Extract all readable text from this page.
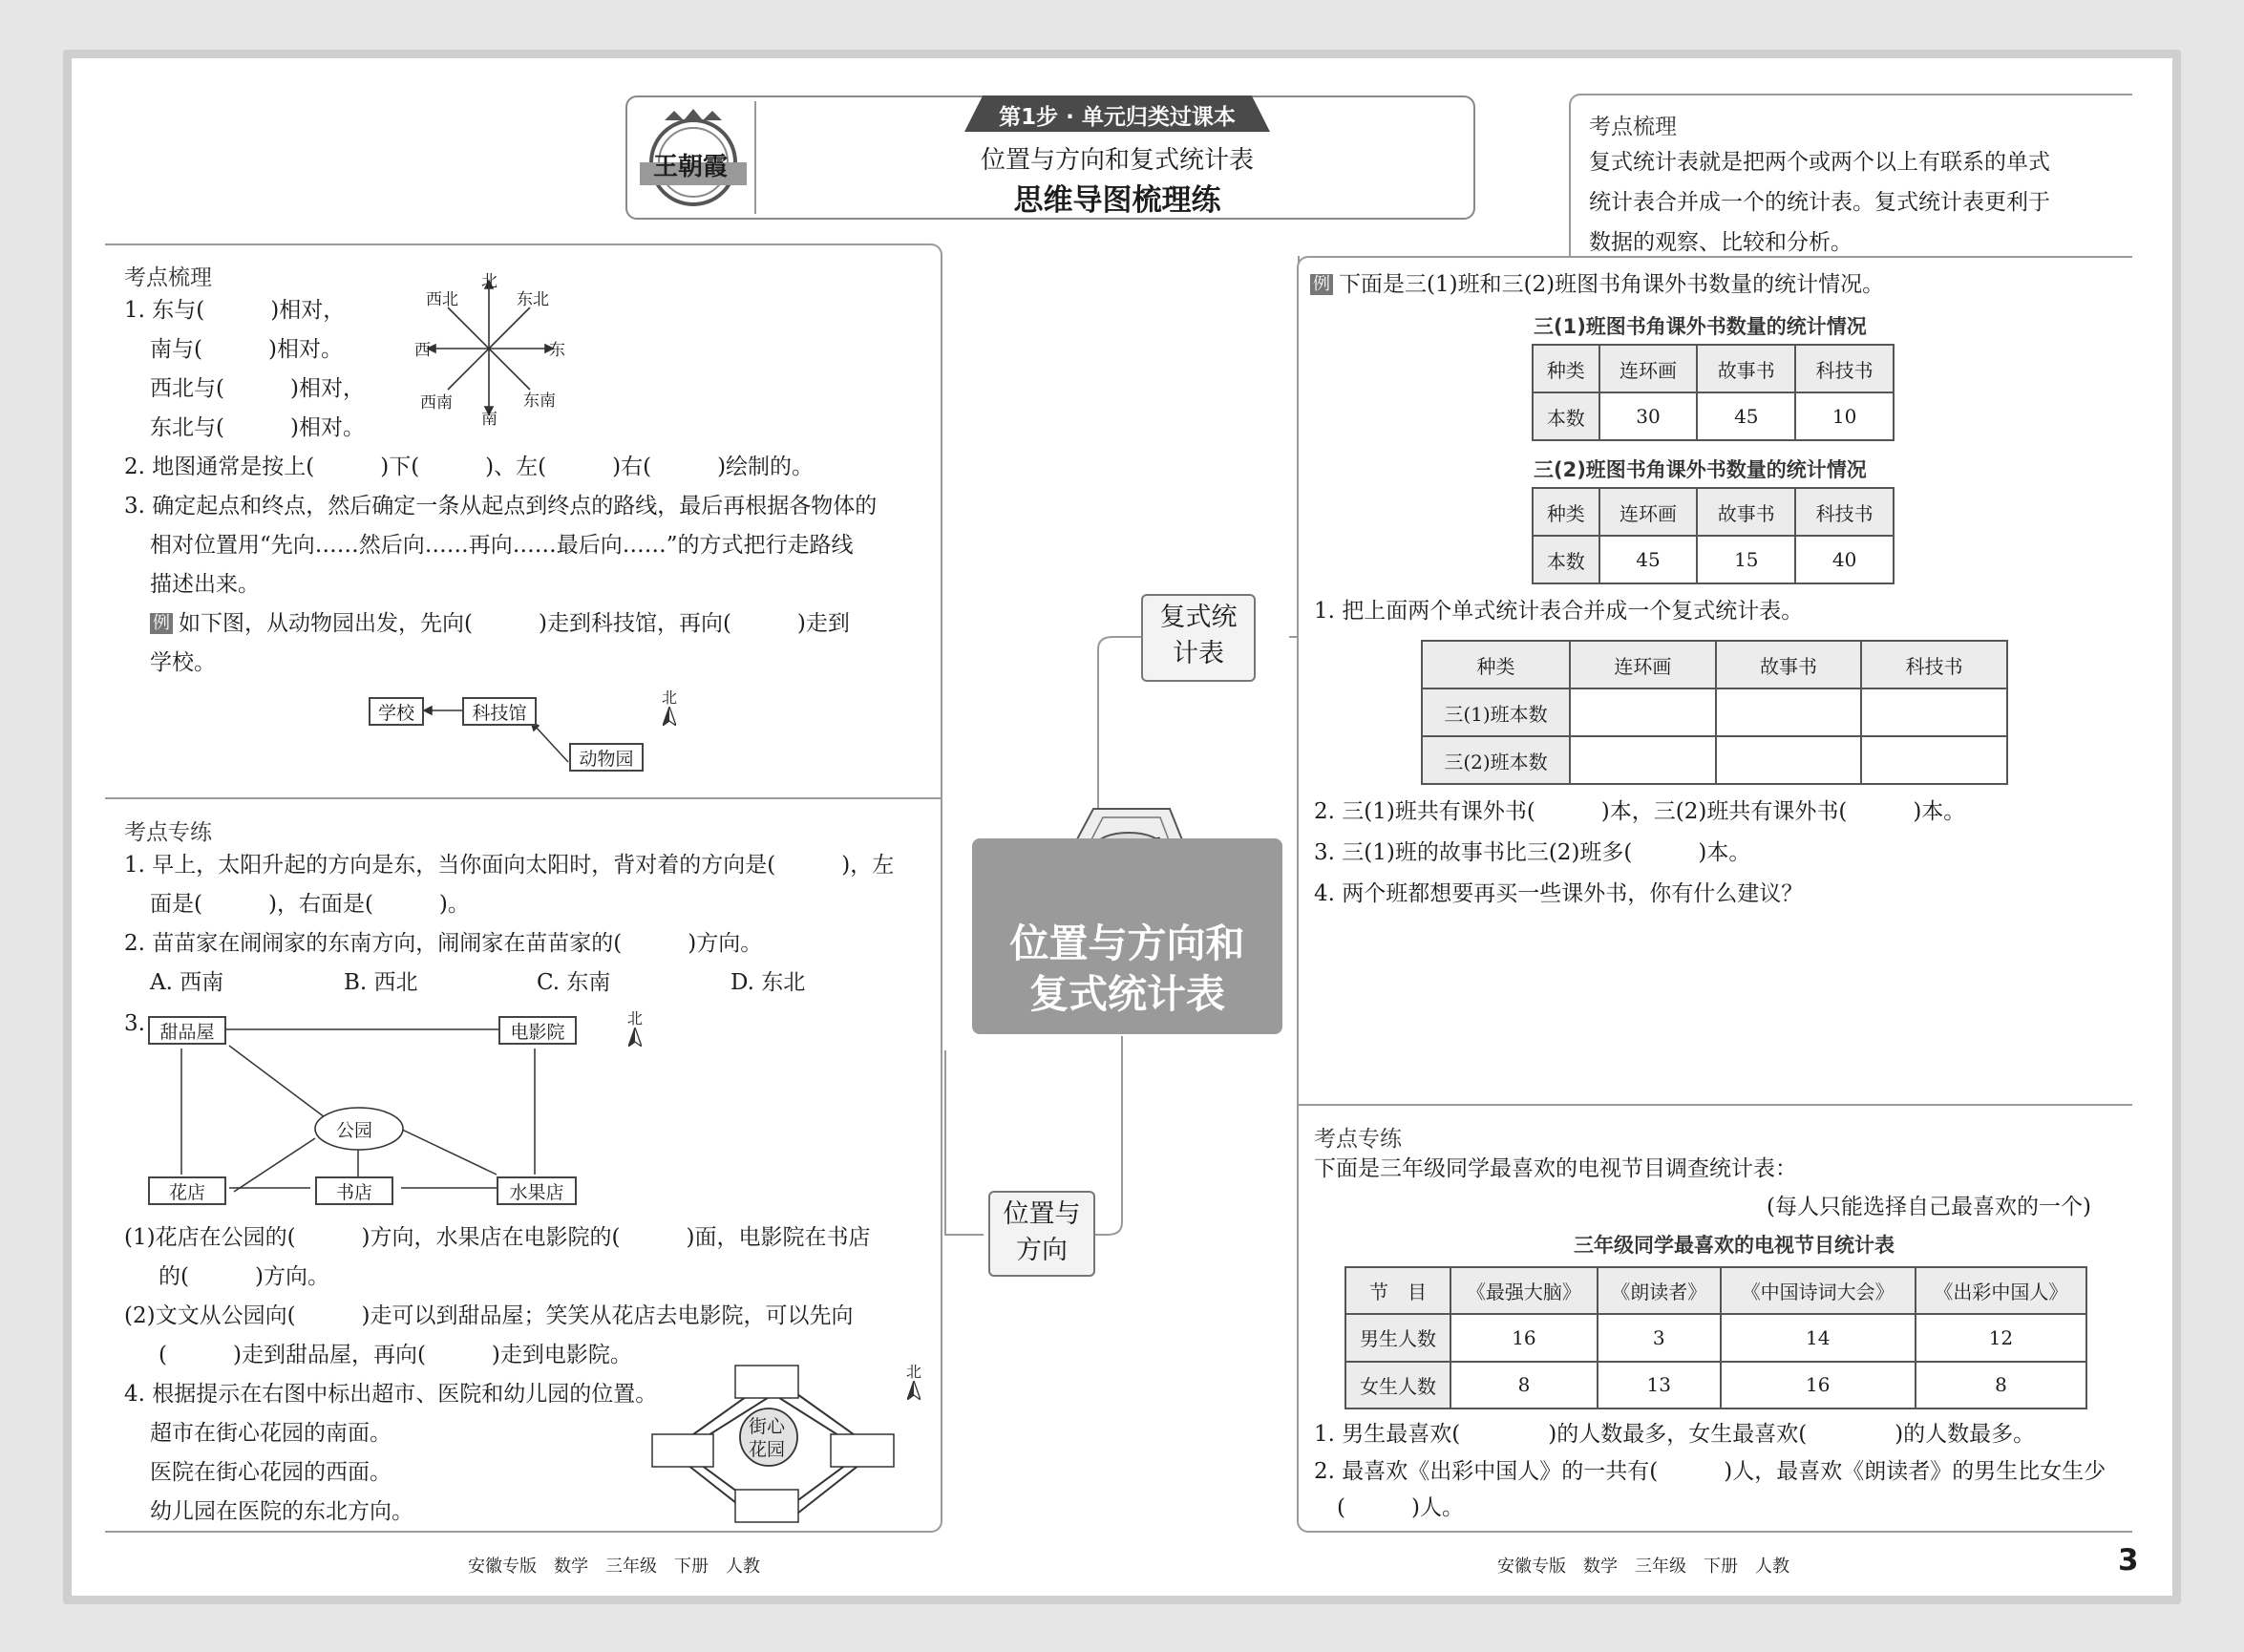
王朝霞
第1步 · 单元归类过课本
位置与方向和复式统计表
思维导图梳理练
考点梳理
1. 东与(　　　)相对，
南与(　　　)相对。
西北与(　　　)相对，
东北与(　　　)相对。
2. 地图通常是按上(　　　)下(　　　)、左(　　　)右(　　　)绘制的。
3. 确定起点和终点，然后确定一条从起点到终点的路线，最后再根据各物体的
相对位置用“先向……然后向……再向……最后向……”的方式把行走路线
描述出来。
例 如下图，从动物园出发，先向(　　　)走到科技馆，再向(　　　)走到
学校。
北
南
东
西
东北
西北
东南
西南
学校	科技馆
动物园
北
考点专练
1. 早上，太阳升起的方向是东，当你面向太阳时，背对着的方向是(　　　)，左
面是(　　　)，右面是(　　　)。
2. 苗苗家在闹闹家的东南方向，闹闹家在苗苗家的(　　　)方向。
A. 西南	B. 西北	C. 东南	D. 东北
3. 甜品屋	电影院
公园
花店	书店	水果店
北
(1)花店在公园的(　　　)方向，水果店在电影院的(　　　)面，电影院在书店
的(　　　)方向。
(2)文文从公园向(　　　)走可以到甜品屋；笑笑从花店去电影院，可以先向
(　　　)走到甜品屋，再向(　　　)走到电影院。
4. 根据提示在右图中标出超市、医院和幼儿园的位置。
超市在街心花园的南面。
医院在街心花园的西面。
幼儿园在医院的东北方向。
街心花园
北
位置与方向和
复式统计表
复式统
计表
位置与
方向
考点梳理
复式统计表就是把两个或两个以上有联系的单式
统计表合并成一个的统计表。复式统计表更利于
数据的观察、比较和分析。
例 下面是三(1)班和三(2)班图书角课外书数量的统计情况。
三(1)班图书角课外书数量的统计情况
种类	连环画	故事书	科技书
本数	30	45	10
三(2)班图书角课外书数量的统计情况
种类	连环画	故事书	科技书
本数	45	15	40
1. 把上面两个单式统计表合并成一个复式统计表。
种类	连环画	故事书	科技书
三(1)班本数			
三(2)班本数			
2. 三(1)班共有课外书(　　　)本，三(2)班共有课外书(　　　)本。
3. 三(1)班的故事书比三(2)班多(　　　)本。
4. 两个班都想要再买一些课外书，你有什么建议？
考点专练
下面是三年级同学最喜欢的电视节目调查统计表：
(每人只能选择自己最喜欢的一个)
三年级同学最喜欢的电视节目统计表
节　目	《最强大脑》	《朗读者》	《中国诗词大会》	《出彩中国人》
男生人数	16	3	14	12
女生人数	8	13	16	8
1. 男生最喜欢(　　　　)的人数最多，女生最喜欢(　　　　)的人数最多。
2. 最喜欢《出彩中国人》的一共有(　　　)人，最喜欢《朗读者》的男生比女生少
(　　　)人。
安徽专版　数学　三年级　下册　人教	安徽专版　数学　三年级　下册　人教	3
